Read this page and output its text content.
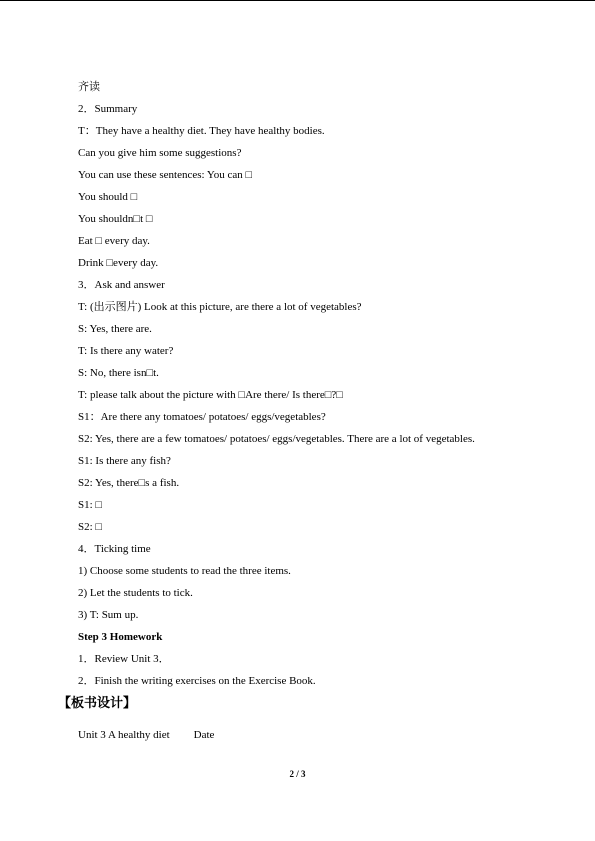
齐读
2．Summary
T：They have a healthy diet. They have healthy bodies.
Can you give him some suggestions?
You can use these sentences: You can □
You should □
You shouldn□t □
Eat □ every day.
Drink □every day.
3．Ask and answer
T: (出示图片) Look at this picture, are there a lot of vegetables?
S: Yes, there are.
T: Is there any water?
S: No, there isn□t.
T: please talk about the picture with □Are there/ Is there□?□
S1：Are there any tomatoes/ potatoes/ eggs/vegetables?
S2: Yes, there are a few tomatoes/ potatoes/ eggs/vegetables. There are a lot of vegetables.
S1: Is there any fish?
S2: Yes, there□s a fish.
S1: □
S2: □
4．Ticking time
1) Choose some students to read the three items.
2) Let the students to tick.
3) T: Sum up.
Step 3 Homework
1．Review Unit 3．
2．Finish the writing exercises on the Exercise Book.
【板书设计】
Unit 3 A healthy diet Date
2 / 3
